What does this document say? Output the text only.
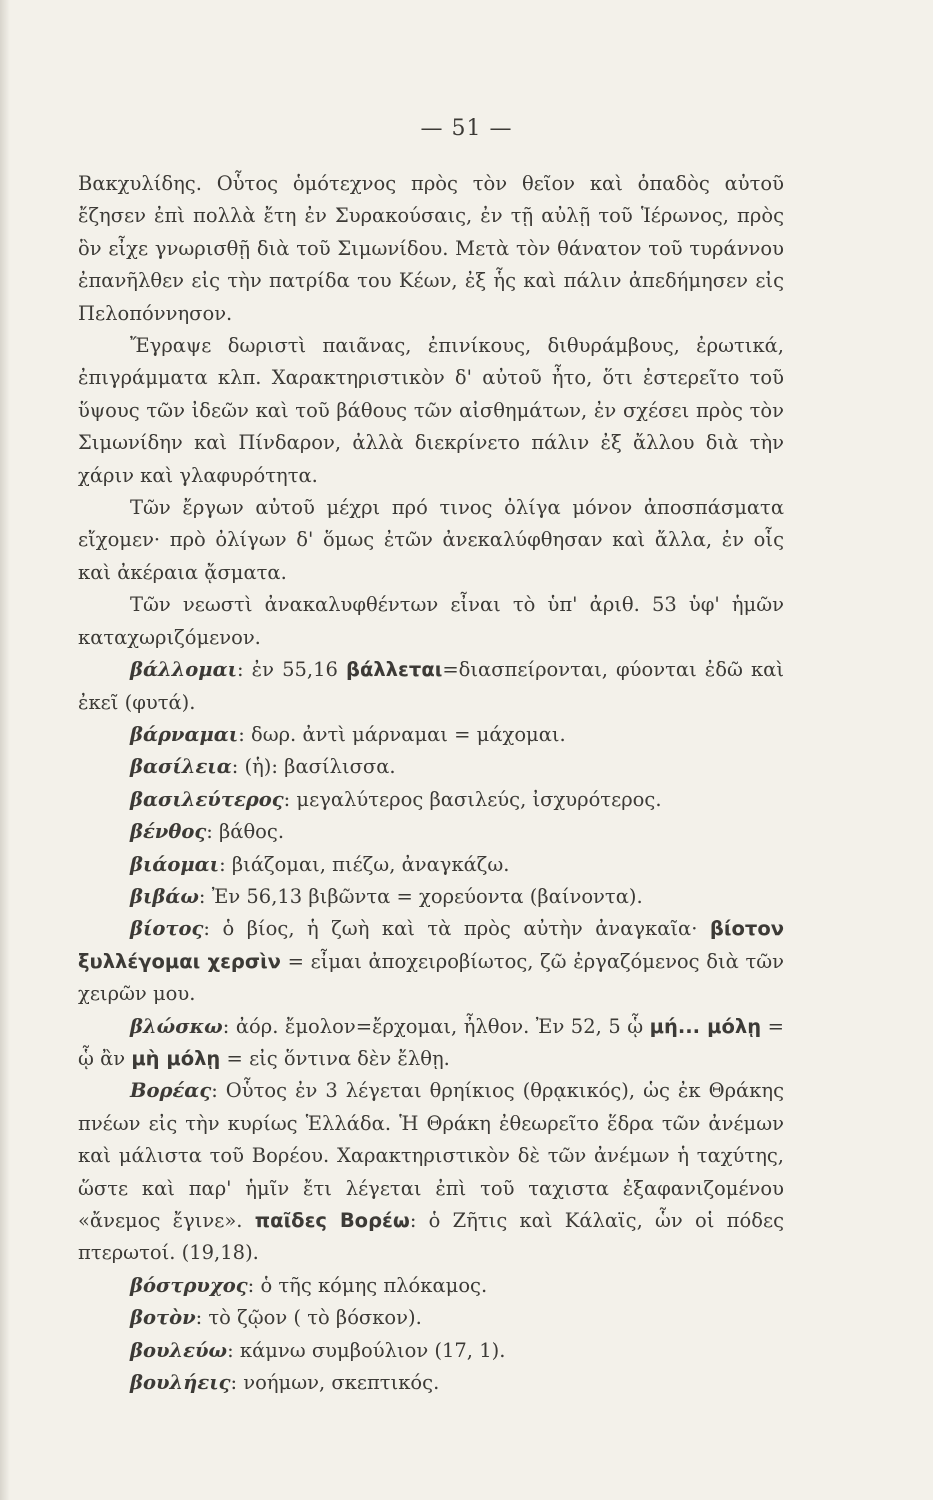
— 51 —

Βακχυλίδης. Οὗτος ὁμότεχνος πρὸς τὸν θεῖον καὶ ὀπαδὸς αὐτοῦ ἔζησεν ἐπὶ πολλὰ ἔτη ἐν Συρακούσαις, ἐν τῇ αὐλῇ τοῦ Ἱέρωνος, πρὸς ὃν εἶχε γνωρισθῇ διὰ τοῦ Σιμωνίδου. Μετὰ τὸν θάνατον τοῦ τυράννου ἐπανῆλθεν εἰς τὴν πατρίδα του Κέων, ἐξ ἧς καὶ πάλιν ἀπεδήμησεν εἰς Πελοπόννησον.

Ἔγραψε δωριστὶ παιᾶνας, ἐπινίκους, διθυράμβους, ἐρωτικά, ἐπιγράμματα κλπ. Χαρακτηριστικὸν δ' αὐτοῦ ἦτο, ὅτι ἐστερεῖτο τοῦ ὕψους τῶν ἰδεῶν καὶ τοῦ βάθους τῶν αἰσθημάτων, ἐν σχέσει πρὸς τὸν Σιμωνίδην καὶ Πίνδαρον, ἀλλὰ διεκρίνετο πάλιν ἐξ ἄλλου διὰ τὴν χάριν καὶ γλαφυρότητα.

Τῶν ἔργων αὐτοῦ μέχρι πρό τινος ὀλίγα μόνον ἀποσπάσματα εἴχομεν· πρὸ ὀλίγων δ' ὅμως ἐτῶν ἀνεκαλύφθησαν καὶ ἄλλα, ἐν οἷς καὶ ἀκέραια ᾄσματα.

Τῶν νεωστὶ ἀνακαλυφθέντων εἶναι τὸ ὑπ' ἀριθ. 53 ὑφ' ἡμῶν καταχωριζόμενον.

βάλλομαι: ἐν 55,16 βάλλεται=διασπείρονται, φύονται ἐδῶ καὶ ἐκεῖ (φυτά).

βάρναμαι: δωρ. ἀντὶ μάρναμαι = μάχομαι.

βασίλεια: (ἡ): βασίλισσα.

βασιλεύτερος: μεγαλύτερος βασιλεύς, ἰσχυρότερος.

βένθος: βάθος.

βιάομαι: βιάζομαι, πιέζω, ἀναγκάζω.

βιβάω: Ἐν 56,13 βιβῶντα = χορεύοντα (βαίνοντα).

βίοτος: ὁ βίος, ἡ ζωὴ καὶ τὰ πρὸς αὐτὴν ἀναγκαῖα· βίοτον ξυλλέγομαι χερσὶν = εἶμαι ἀποχειροβίωτος, ζῶ ἐργαζόμενος διὰ τῶν χειρῶν μου.

βλώσκω: ἀόρ. ἔμολον=ἔρχομαι, ἦλθον. Ἐν 52, 5 ᾧ μή... μόλῃ = ᾧ ἂν μὴ μόλῃ = εἰς ὅντινα δὲν ἔλθῃ.

Βορέας: Οὗτος ἐν 3 λέγεται θρηίκιος (θρᾳκικός), ὡς ἐκ Θράκης πνέων εἰς τὴν κυρίως Ἑλλάδα. Ἡ Θράκη ἐθεωρεῖτο ἕδρα τῶν ἀνέμων καὶ μάλιστα τοῦ Βορέου. Χαρακτηριστικὸν δὲ τῶν ἀνέμων ἡ ταχύτης, ὥστε καὶ παρ' ἡμῖν ἔτι λέγεται ἐπὶ τοῦ ταχιστα ἐξαφανιζομένου «ἄνεμος ἔγινε». παῖδες Βορέω: ὁ Ζῆτις καὶ Κάλαϊς, ὧν οἱ πόδες πτερωτοί. (19,18).

βόστρυχος: ὁ τῆς κόμης πλόκαμος.

βοτὸν: τὸ ζῷον ( τὸ βόσκον).

βουλεύω: κάμνω συμβούλιον (17, 1).

βουλήεις: νοήμων, σκεπτικός.
